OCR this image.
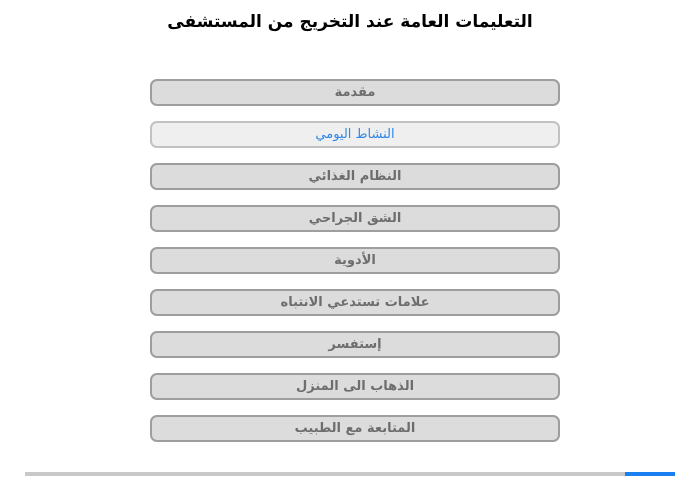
التعليمات العامة عند التخريج من المستشفى
مقدمة
النشاط اليومي
النظام الغذائي
الشق الجراحي
الأدوية
علامات تستدعي الانتباه
إستفسر
الذهاب الى المنزل
المتابعة مع الطبيب
